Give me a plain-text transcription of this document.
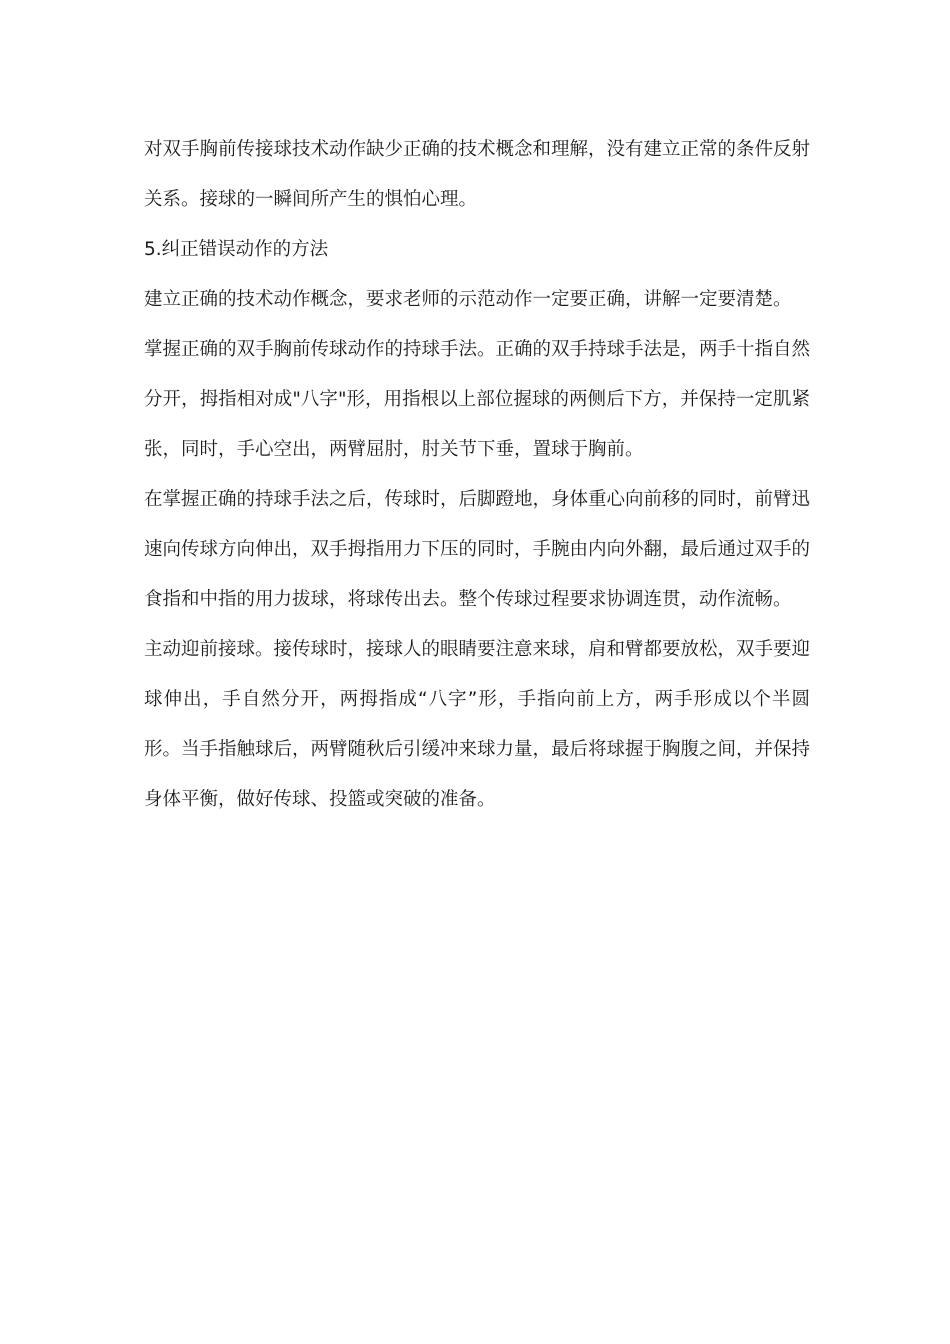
对双手胸前传接球技术动作缺少正确的技术概念和理解，没有建立正常的条件反射关系。接球的一瞬间所产生的惧怕心理。

5.纠正错误动作的方法

建立正确的技术动作概念，要求老师的示范动作一定要正确，讲解一定要清楚。

掌握正确的双手胸前传球动作的持球手法。正确的双手持球手法是，两手十指自然分开，拇指相对成"八字"形，用指根以上部位握球的两侧后下方，并保持一定肌紧张，同时，手心空出，两臂屈肘，肘关节下垂，置球于胸前。

在掌握正确的持球手法之后，传球时，后脚蹬地，身体重心向前移的同时，前臂迅速向传球方向伸出，双手拇指用力下压的同时，手腕由内向外翻，最后通过双手的食指和中指的用力拔球，将球传出去。整个传球过程要求协调连贯，动作流畅。

主动迎前接球。接传球时，接球人的眼睛要注意来球，肩和臂都要放松，双手要迎球伸出，手自然分开，两拇指成“八字”形，手指向前上方，两手形成以个半圆形。当手指触球后，两臂随秋后引缓冲来球力量，最后将球握于胸腹之间，并保持身体平衡，做好传球、投篮或突破的准备。
